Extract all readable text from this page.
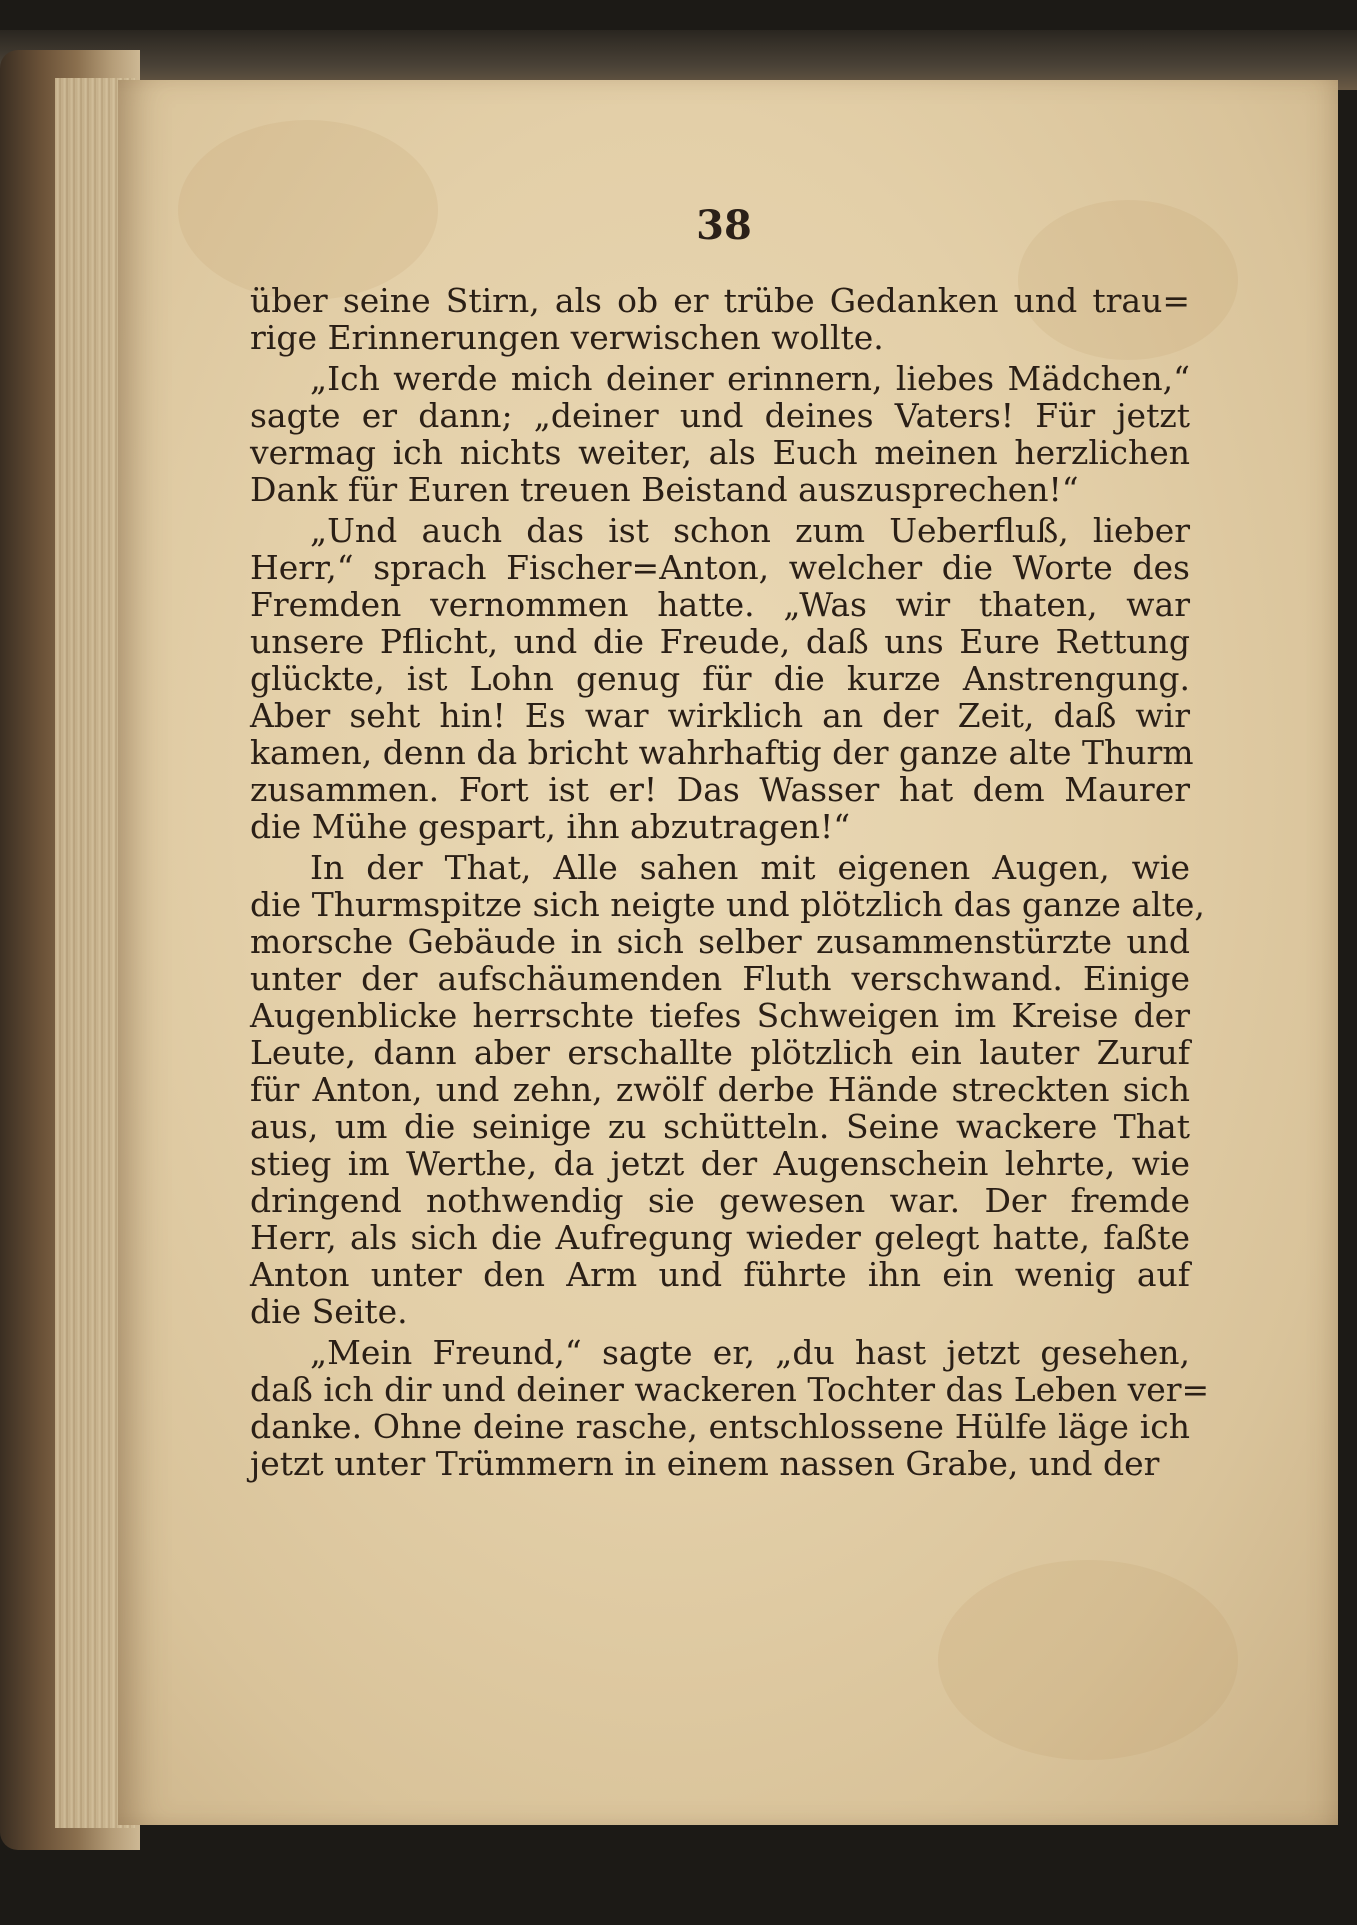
38
über seine Stirn, als ob er trübe Gedanken und trau=
rige Erinnerungen verwischen wollte.
„Ich werde mich deiner erinnern, liebes Mädchen,“
sagte er dann; „deiner und deines Vaters! Für jetzt
vermag ich nichts weiter, als Euch meinen herzlichen
Dank für Euren treuen Beistand auszusprechen!“
„Und auch das ist schon zum Ueberfluß, lieber
Herr,“ sprach Fischer=Anton, welcher die Worte des
Fremden vernommen hatte. „Was wir thaten, war
unsere Pflicht, und die Freude, daß uns Eure Rettung
glückte, ist Lohn genug für die kurze Anstrengung.
Aber seht hin! Es war wirklich an der Zeit, daß wir
kamen, denn da bricht wahrhaftig der ganze alte Thurm
zusammen. Fort ist er! Das Wasser hat dem Maurer
die Mühe gespart, ihn abzutragen!“
In der That, Alle sahen mit eigenen Augen, wie
die Thurmspitze sich neigte und plötzlich das ganze alte,
morsche Gebäude in sich selber zusammenstürzte und
unter der aufschäumenden Fluth verschwand. Einige
Augenblicke herrschte tiefes Schweigen im Kreise der
Leute, dann aber erschallte plötzlich ein lauter Zuruf
für Anton, und zehn, zwölf derbe Hände streckten sich
aus, um die seinige zu schütteln. Seine wackere That
stieg im Werthe, da jetzt der Augenschein lehrte, wie
dringend nothwendig sie gewesen war. Der fremde
Herr, als sich die Aufregung wieder gelegt hatte, faßte
Anton unter den Arm und führte ihn ein wenig auf
die Seite.
„Mein Freund,“ sagte er, „du hast jetzt gesehen,
daß ich dir und deiner wackeren Tochter das Leben ver=
danke. Ohne deine rasche, entschlossene Hülfe läge ich
jetzt unter Trümmern in einem nassen Grabe, und der
